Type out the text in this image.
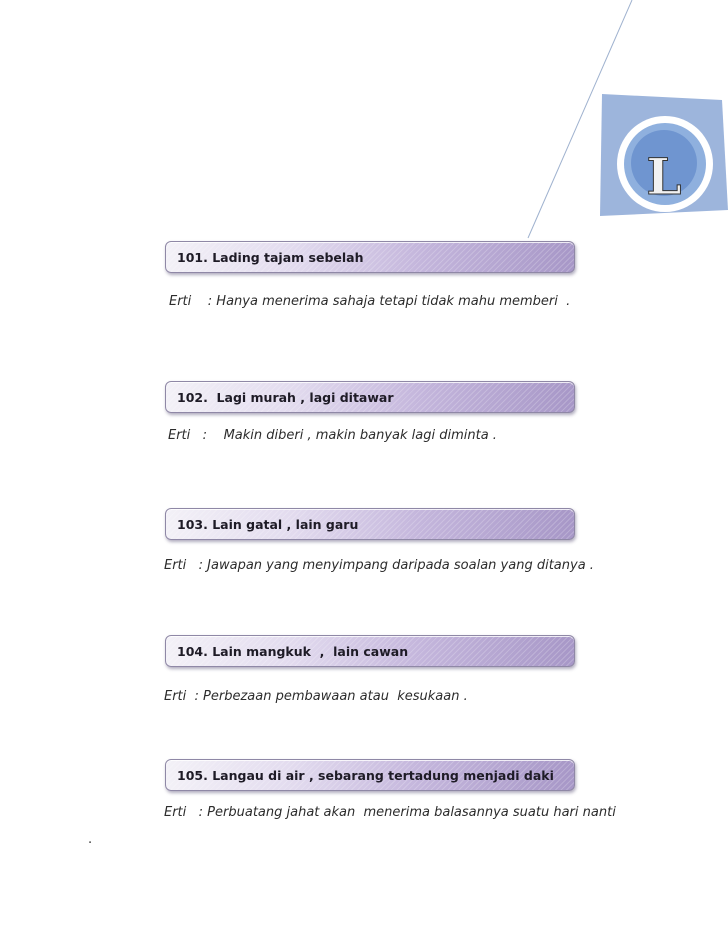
L
101. Lading tajam sebelah
Erti    : Hanya menerima sahaja tetapi tidak mahu memberi  .
102.  Lagi murah , lagi ditawar
Erti   :    Makin diberi , makin banyak lagi diminta .
103. Lain gatal , lain garu
Erti   : Jawapan yang menyimpang daripada soalan yang ditanya .
104. Lain mangkuk  ,  lain cawan
Erti  : Perbezaan pembawaan atau  kesukaan .
105. Langau di air , sebarang tertadung menjadi daki
Erti   : Perbuatang jahat akan  menerima balasannya suatu hari nanti
.
